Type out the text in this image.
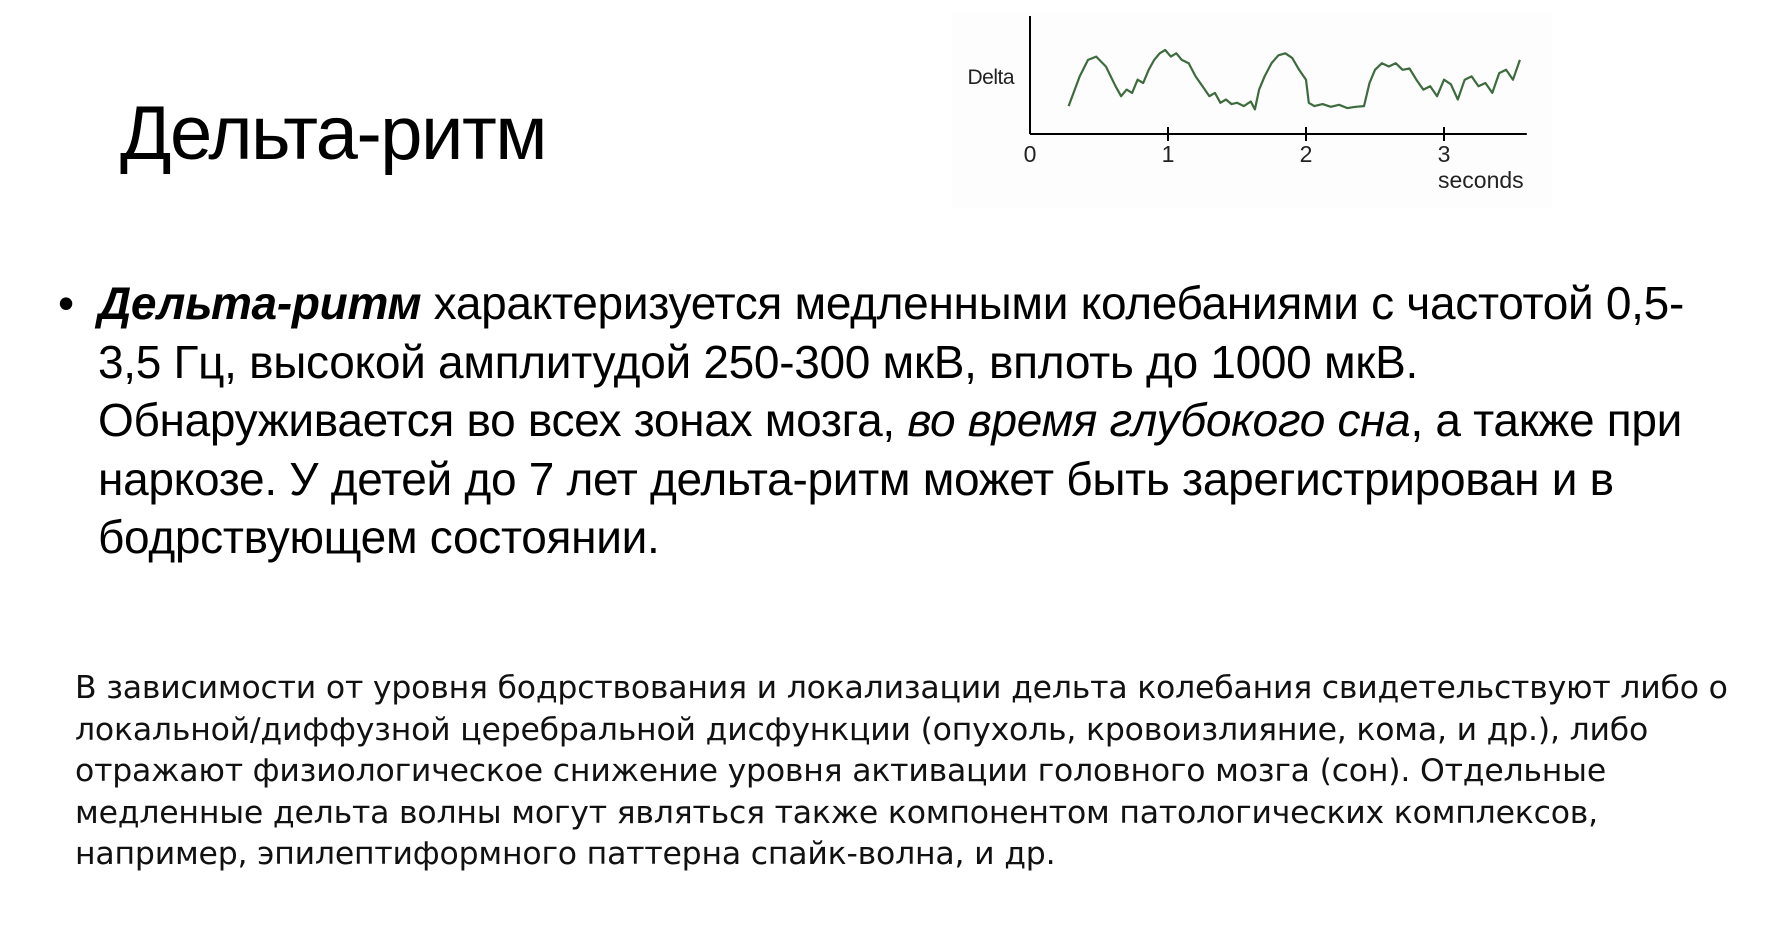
Дельта-ритм
Delta
0	1	2	3
seconds
• Дельта-ритм характеризуется медленными колебаниями с частотой 0,5-3,5 Гц, высокой амплитудой 250-300 мкВ, вплоть до 1000 мкВ. Обнаруживается во всех зонах мозга, во время глубокого сна, а также при наркозе. У детей до 7 лет дельта-ритм может быть зарегистрирован и в бодрствующем состоянии.
В зависимости от уровня бодрствования и локализации дельта колебания свидетельствуют либо о локальной/диффузной церебральной дисфункции (опухоль, кровоизлияние, кома, и др.), либо отражают физиологическое снижение уровня активации головного мозга (сон). Отдельные медленные дельта волны могут являться также компонентом патологических комплексов, например, эпилептиформного паттерна спайк-волна, и др.
